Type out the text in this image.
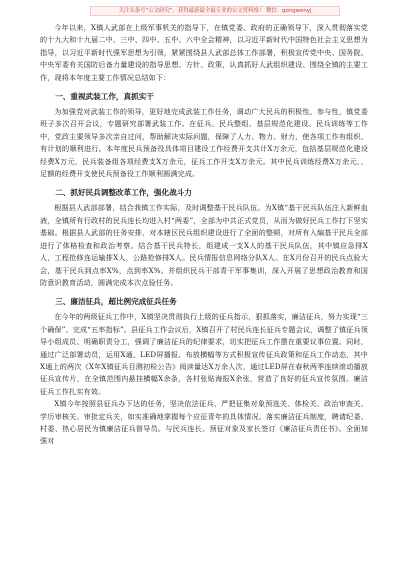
关注头条号“公文研究”，获得最新最全最专业的公文资料推！ 微信：gongwenyj

今年以来，X镇人武部在上级军事机关的指导下，在镇党委、政府的正确领导下，深入贯彻落实党的十九大和十九届二中、三中、四中、五中、六中全会精神，以习近平新时代中国特色社会主义思想为指导，以习近平新时代强军思想为引领，紧紧围绕县人武部总体工作部署，积极宣传党中央、国务院、中央军委有关国防后备力量建设的指导思想、方针、政策，认真抓好人武组织建设、围绕全镇的主要工作，现将本年度主要工作情况总结如下：

一、重视武装工作，真抓实干

为加强党对武装工作的领导，更好地完成武装工作任务，调动广大民兵的积极性、参与性，镇党委班子多次召开会议，专题研究部署武装工作。在征兵、民兵整组、基层规范化建设、民兵训练等工作中，党政主要领导多次亲自过问，帮助解决实际问题，保障了人力、物力、财力，使各项工作有组织、有计划的顺利进行。本年度民兵预备役具体项目建设工作经费开支共计X万余元，包括基层规范化建设经费X万元，民兵装备组各项经费支X万余元，征兵工作开支X万余元。其中民兵训练经费X万余元，，足额的经费开支使民兵预备役工作顺利圆满完成。

二、抓好民兵调整改革工作，强化战斗力

根据县人武部部署，结合我镇工作实际，及时调整基干民兵队伍。为X镇“基干民兵队伍注入新鲜血液，全镇所有行政村的民兵连长均进入村“两委”，全部为中共正式党员，从而为做好民兵工作打下坚实基础。根据县人武部的任务安排，对本辖区民兵组织建设进行了全面的整顿，对所有入编基干民兵全部进行了体格检查和政治考察。结合基干民兵特长，组建成一支X人的基干民兵队伍，其中镇应急排X人，工程抢修连运输排X人，公路抢修排X人。民兵情报信息网络分队X人。在X月份召开的民兵点验大会，基干民兵到点率X%，点到率X%。并组织民兵干部青干军事集训，深入开展了思想政治教育和国防意识教育活动，圆满完成本次点验任务。

三、廉洁征兵，超比例完成征兵任务

在今年的两级征兵工作中，X镇坚决贯彻执行上级的征兵指示，狠抓落实，廉洁征兵，努力实现“三个确保”、完成“五率指标”。县征兵工作会议后，X镇召开了村民兵连长征兵专题会议，调整了镇征兵领导小组成员、明确职责分工，强调了廉洁征兵的纪律要求，切实把征兵工作摆在重要议事位置。同时，通过广泛部署动员，运用X通、LED屏播报、布放横幅等方式积极宣传征兵政策和征兵工作动态，其中X通上的两次《X年X镇征兵目测初检公告》阅读量达X万余人次，通过LED屏在春秋两季连续滚动播放征兵宣传片，在全镇范围内悬挂横幅X余条，各村张贴海报X余张，营造了良好的征兵宣传氛围。廉洁征兵工作扎实有效。

X镇今年按照县征兵办下达的任务，坚决依法征兵、严把征集对象预选关、体检关、政治审查关、学历审核关、审批定兵关，如实准确地掌握每个应征青年的具体情况。落实廉洁征兵制度，聘请纪委、村委、热心居民为镇廉洁征兵督导员。与民兵连长、预征对象及家长签订《廉洁征兵责任书》。全面加强对
